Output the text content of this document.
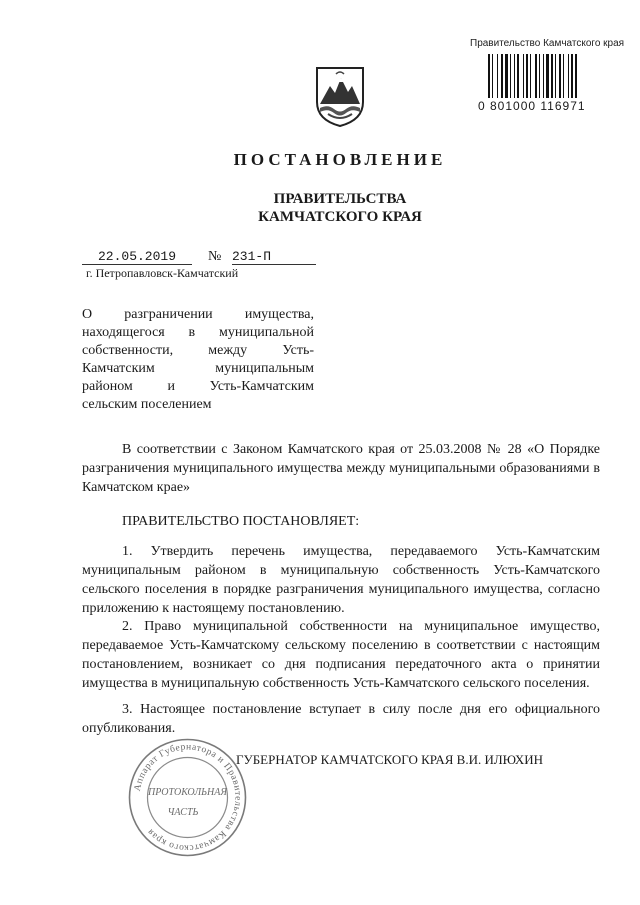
Правительство Камчатского края
0 801000 116971
ПОСТАНОВЛЕНИЕ
ПРАВИТЕЛЬСТВА
КАМЧАТСКОГО КРАЯ
22.05.2019	№ 231-П
г. Петропавловск-Камчатский
О разграничении имущества,
находящегося в муниципальной
собственности, между Усть-
Камчатским муниципальным
районом и Усть-Камчатским
сельским поселением
В соответствии с Законом Камчатского края от 25.03.2008 № 28 «О Порядке разграничения муниципального имущества между муниципальными образованиями в Камчатском крае»
ПРАВИТЕЛЬСТВО ПОСТАНОВЛЯЕТ:
1. Утвердить перечень имущества, передаваемого Усть-Камчатским муниципальным районом в муниципальную собственность Усть-Камчатского сельского поселения в порядке разграничения муниципального имущества, согласно приложению к настоящему постановлению.
2. Право муниципальной собственности на муниципальное имущество, передаваемое Усть-Камчатскому сельскому поселению в соответствии с настоящим постановлением, возникает со дня подписания передаточного акта о принятии имущества в муниципальную собственность Усть-Камчатского сельского поселения.
3. Настоящее постановление вступает в силу после дня его официального опубликования.
Аппарат Губернатора и Правительства Камчатского края
ПРОТОКОЛЬНАЯ
ЧАСТЬ
ГУБЕРНАТОР КАМЧАТСКОГО КРАЯ В.И. ИЛЮХИН
